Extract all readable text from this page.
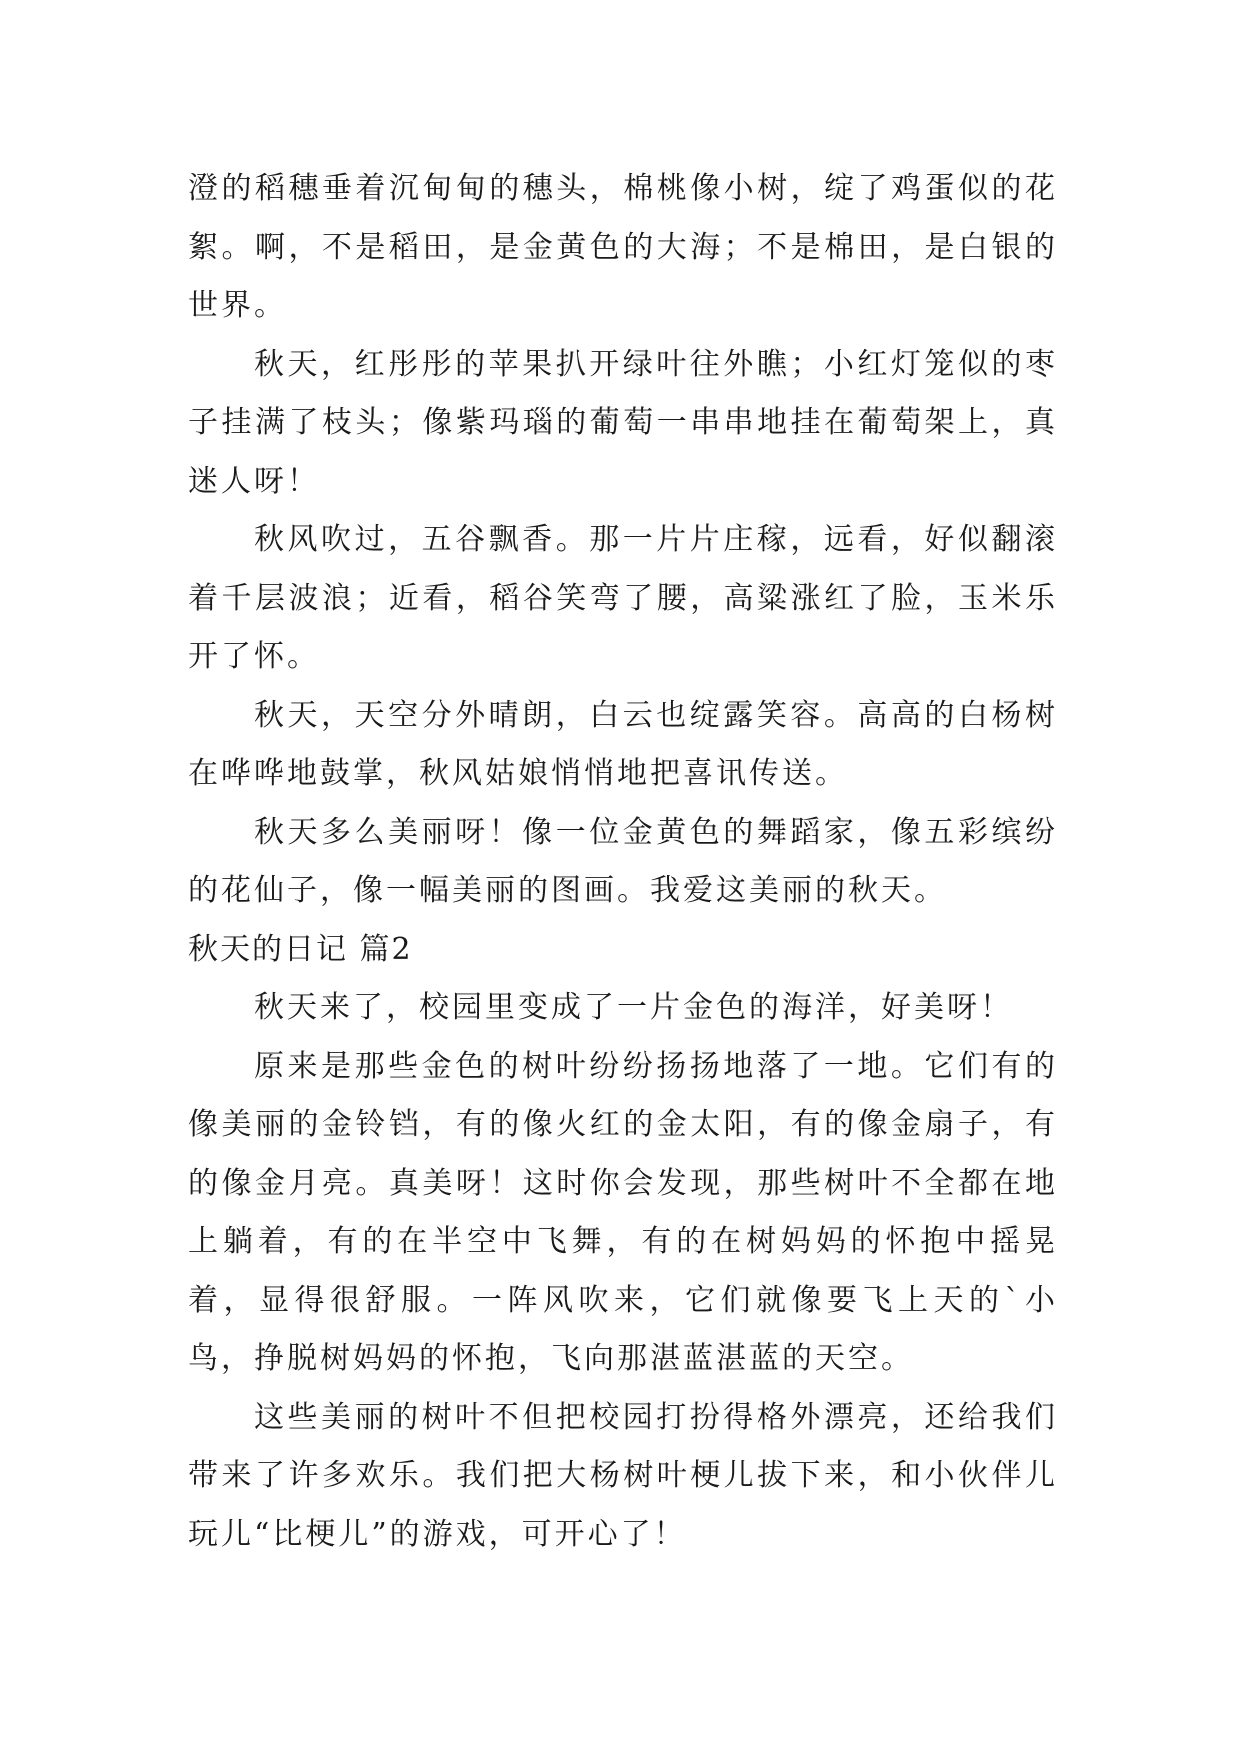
澄的稻穗垂着沉甸甸的穗头，棉桃像小树，绽了鸡蛋似的花絮。啊，不是稻田，是金黄色的大海；不是棉田，是白银的世界。

秋天，红彤彤的苹果扒开绿叶往外瞧；小红灯笼似的枣子挂满了枝头；像紫玛瑙的葡萄一串串地挂在葡萄架上，真迷人呀！

秋风吹过，五谷飘香。那一片片庄稼，远看，好似翻滚着千层波浪；近看，稻谷笑弯了腰，高粱涨红了脸，玉米乐开了怀。

秋天，天空分外晴朗，白云也绽露笑容。高高的白杨树在哗哗地鼓掌，秋风姑娘悄悄地把喜讯传送。

秋天多么美丽呀！像一位金黄色的舞蹈家，像五彩缤纷的花仙子，像一幅美丽的图画。我爱这美丽的秋天。

秋天的日记 篇2

秋天来了，校园里变成了一片金色的海洋，好美呀！

原来是那些金色的树叶纷纷扬扬地落了一地。它们有的像美丽的金铃铛，有的像火红的金太阳，有的像金扇子，有的像金月亮。真美呀！这时你会发现，那些树叶不全都在地上躺着，有的在半空中飞舞，有的在树妈妈的怀抱中摇晃着，显得很舒服。一阵风吹来，它们就像要飞上天的`小鸟，挣脱树妈妈的怀抱，飞向那湛蓝湛蓝的天空。

这些美丽的树叶不但把校园打扮得格外漂亮，还给我们带来了许多欢乐。我们把大杨树叶梗儿拔下来，和小伙伴儿玩儿“比梗儿”的游戏，可开心了！
